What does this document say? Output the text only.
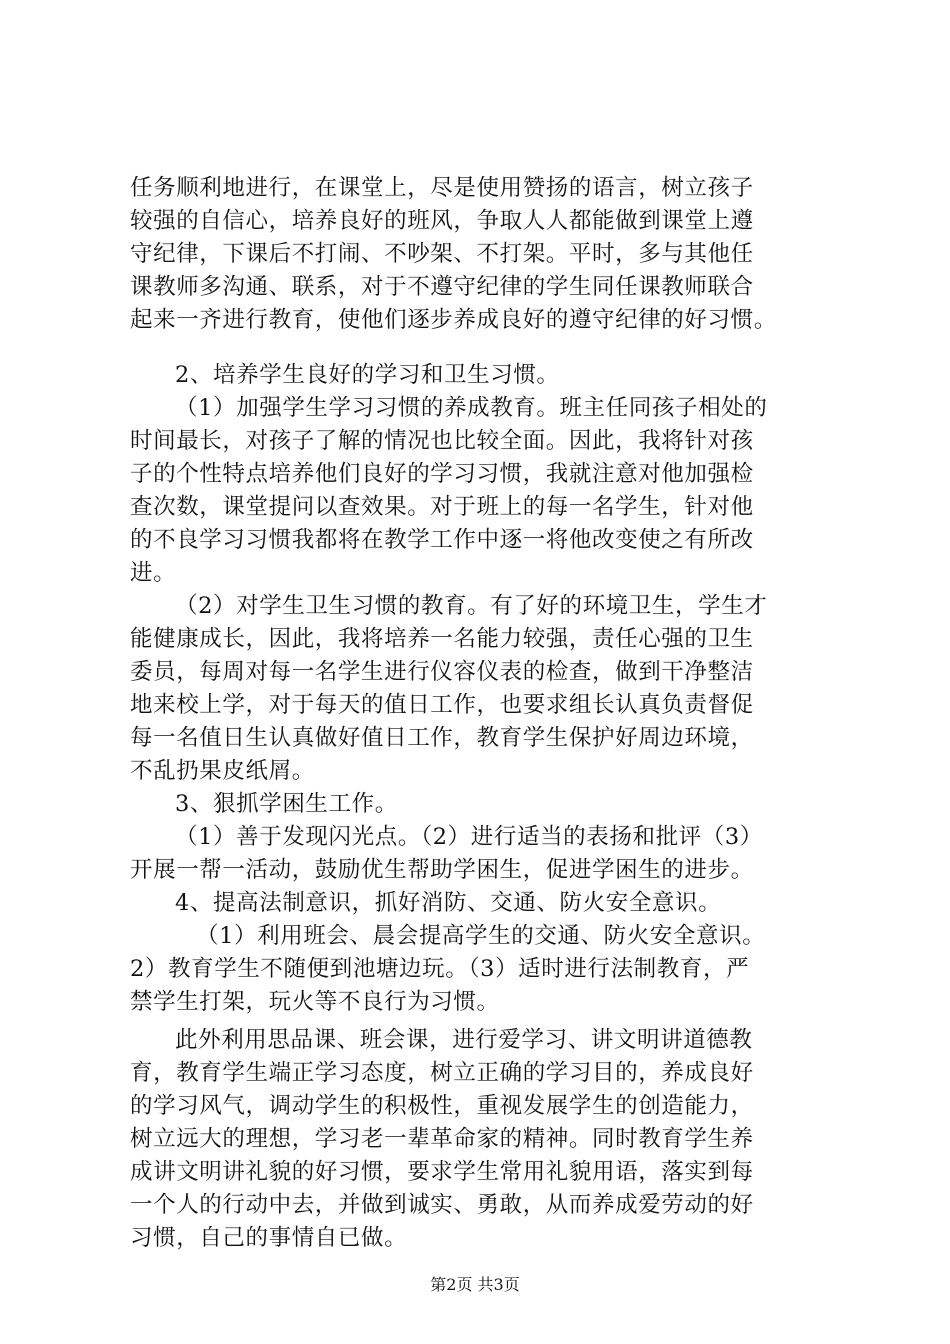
任务顺利地进行，在课堂上，尽是使用赞扬的语言，树立孩子
较强的自信心，培养良好的班风，争取人人都能做到课堂上遵
守纪律，下课后不打闹、不吵架、不打架。平时，多与其他任
课教师多沟通、联系，对于不遵守纪律的学生同任课教师联合
起来一齐进行教育，使他们逐步养成良好的遵守纪律的好习惯。
2、培养学生良好的学习和卫生习惯。
（1）加强学生学习习惯的养成教育。班主任同孩子相处的
时间最长，对孩子了解的情况也比较全面。因此，我将针对孩
子的个性特点培养他们良好的学习习惯，我就注意对他加强检
查次数，课堂提问以查效果。对于班上的每一名学生，针对他
的不良学习习惯我都将在教学工作中逐一将他改变使之有所改
进。
（2）对学生卫生习惯的教育。有了好的环境卫生，学生才
能健康成长，因此，我将培养一名能力较强，责任心强的卫生
委员，每周对每一名学生进行仪容仪表的检查，做到干净整洁
地来校上学，对于每天的值日工作，也要求组长认真负责督促
每一名值日生认真做好值日工作，教育学生保护好周边环境，
不乱扔果皮纸屑。
3、狠抓学困生工作。
（1）善于发现闪光点。（2）进行适当的表扬和批评（3）
开展一帮一活动，鼓励优生帮助学困生，促进学困生的进步。
4、提高法制意识，抓好消防、交通、防火安全意识。
（1）利用班会、晨会提高学生的交通、防火安全意识。
2）教育学生不随便到池塘边玩。（3）适时进行法制教育，严
禁学生打架，玩火等不良行为习惯。
此外利用思品课、班会课，进行爱学习、讲文明讲道德教
育，教育学生端正学习态度，树立正确的学习目的，养成良好
的学习风气，调动学生的积极性，重视发展学生的创造能力，
树立远大的理想，学习老一辈革命家的精神。同时教育学生养
成讲文明讲礼貌的好习惯，要求学生常用礼貌用语，落实到每
一个人的行动中去，并做到诚实、勇敢，从而养成爱劳动的好
习惯，自己的事情自已做。
第2页 共3页
